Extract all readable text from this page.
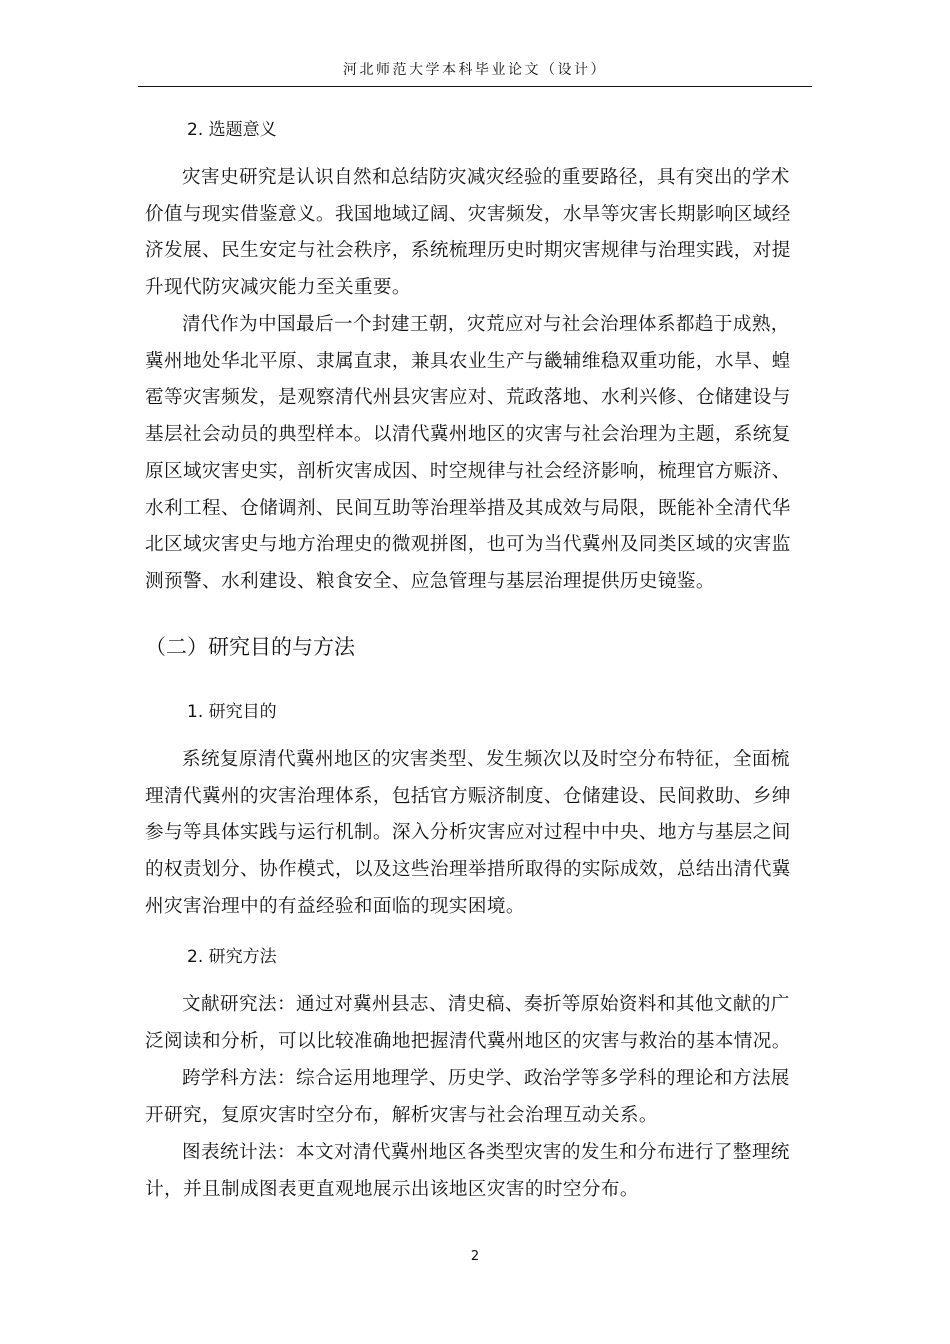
河北师范大学本科毕业论文（设计）
2. 选题意义

灾害史研究是认识自然和总结防灾减灾经验的重要路径，具有突出的学术价值与现实借鉴意义。我国地域辽阔、灾害频发，水旱等灾害长期影响区域经济发展、民生安定与社会秩序，系统梳理历史时期灾害规律与治理实践，对提升现代防灾减灾能力至关重要。

清代作为中国最后一个封建王朝，灾荒应对与社会治理体系都趋于成熟，冀州地处华北平原、隶属直隶，兼具农业生产与畿辅维稳双重功能，水旱、蝗雹等灾害频发，是观察清代州县灾害应对、荒政落地、水利兴修、仓储建设与基层社会动员的典型样本。以清代冀州地区的灾害与社会治理为主题，系统复原区域灾害史实，剖析灾害成因、时空规律与社会经济影响，梳理官方赈济、水利工程、仓储调剂、民间互助等治理举措及其成效与局限，既能补全清代华北区域灾害史与地方治理史的微观拼图，也可为当代冀州及同类区域的灾害监测预警、水利建设、粮食安全、应急管理与基层治理提供历史镜鉴。

（二）研究目的与方法
1. 研究目的

系统复原清代冀州地区的灾害类型、发生频次以及时空分布特征，全面梳理清代冀州的灾害治理体系，包括官方赈济制度、仓储建设、民间救助、乡绅参与等具体实践与运行机制。深入分析灾害应对过程中中央、地方与基层之间的权责划分、协作模式，以及这些治理举措所取得的实际成效，总结出清代冀州灾害治理中的有益经验和面临的现实困境。

2. 研究方法

文献研究法：通过对冀州县志、清史稿、奏折等原始资料和其他文献的广泛阅读和分析，可以比较准确地把握清代冀州地区的灾害与救治的基本情况。

跨学科方法：综合运用地理学、历史学、政治学等多学科的理论和方法展开研究，复原灾害时空分布，解析灾害与社会治理互动关系。

图表统计法：本文对清代冀州地区各类型灾害的发生和分布进行了整理统计，并且制成图表更直观地展示出该地区灾害的时空分布。

2
